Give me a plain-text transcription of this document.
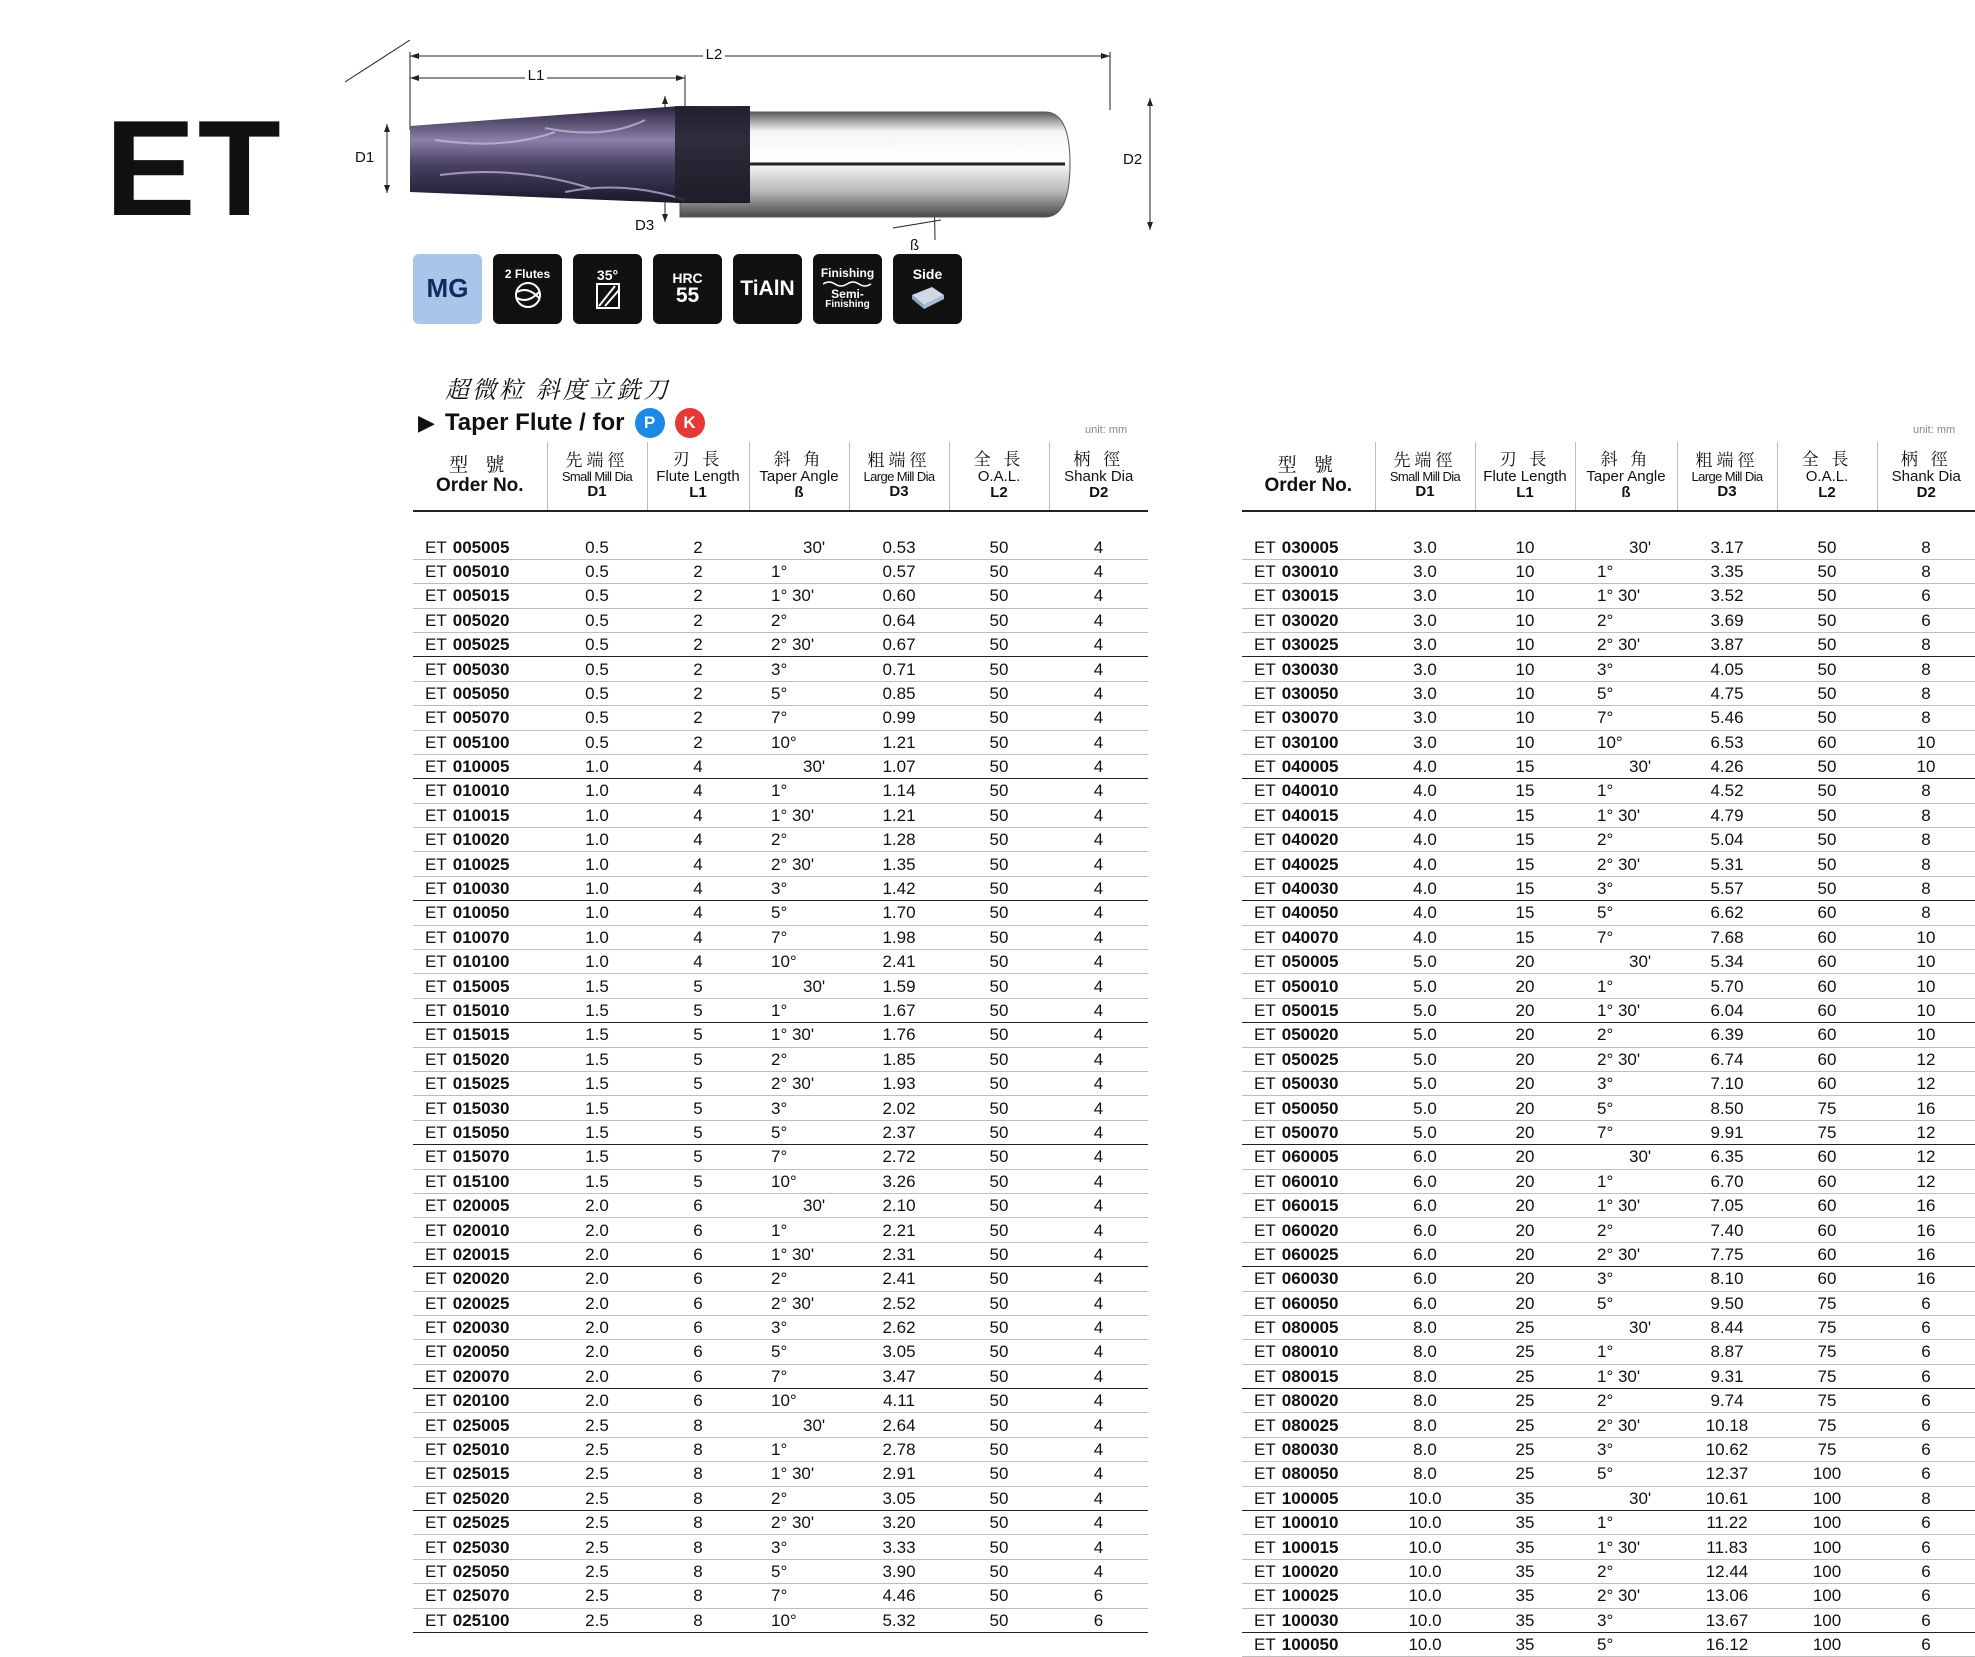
ET
L2
L1
D1	D2
D3
ß
MG	2 Flutes	35°	HRC
55 TiAlN
Finishing
Semi-
Finishing
Side
超微粒 斜度立銑刀
▶ Taper Flute / for	P	K	unit: mm	unit: mm
型 號
Order No.	先端徑
Small Mill Dia
D1	刃 長
Flute Length
L1	斜 角
Taper Angle
ß	粗端徑
Large Mill Dia
D3	全 長
O.A.L.
L2	柄 徑
Shank Dia
D2

ET 005005	0.5	2	30'	0.53	50	4
ET 005010	0.5	2	1°	0.57	50	4
ET 005015	0.5	2	1° 30'	0.60	50	4
ET 005020	0.5	2	2°	0.64	50	4
ET 005025	0.5	2	2° 30'	0.67	50	4
ET 005030	0.5	2	3°	0.71	50	4
ET 005050	0.5	2	5°	0.85	50	4
ET 005070	0.5	2	7°	0.99	50	4
ET 005100	0.5	2	10°	1.21	50	4
ET 010005	1.0	4	30'	1.07	50	4
ET 010010	1.0	4	1°	1.14	50	4
ET 010015	1.0	4	1° 30'	1.21	50	4
ET 010020	1.0	4	2°	1.28	50	4
ET 010025	1.0	4	2° 30'	1.35	50	4
ET 010030	1.0	4	3°	1.42	50	4
ET 010050	1.0	4	5°	1.70	50	4
ET 010070	1.0	4	7°	1.98	50	4
ET 010100	1.0	4	10°	2.41	50	4
ET 015005	1.5	5	30'	1.59	50	4
ET 015010	1.5	5	1°	1.67	50	4
ET 015015	1.5	5	1° 30'	1.76	50	4
ET 015020	1.5	5	2°	1.85	50	4
ET 015025	1.5	5	2° 30'	1.93	50	4
ET 015030	1.5	5	3°	2.02	50	4
ET 015050	1.5	5	5°	2.37	50	4
ET 015070	1.5	5	7°	2.72	50	4
ET 015100	1.5	5	10°	3.26	50	4
ET 020005	2.0	6	30'	2.10	50	4
ET 020010	2.0	6	1°	2.21	50	4
ET 020015	2.0	6	1° 30'	2.31	50	4
ET 020020	2.0	6	2°	2.41	50	4
ET 020025	2.0	6	2° 30'	2.52	50	4
ET 020030	2.0	6	3°	2.62	50	4
ET 020050	2.0	6	5°	3.05	50	4
ET 020070	2.0	6	7°	3.47	50	4
ET 020100	2.0	6	10°	4.11	50	4
ET 025005	2.5	8	30'	2.64	50	4
ET 025010	2.5	8	1°	2.78	50	4
ET 025015	2.5	8	1° 30'	2.91	50	4
ET 025020	2.5	8	2°	3.05	50	4
ET 025025	2.5	8	2° 30'	3.20	50	4
ET 025030	2.5	8	3°	3.33	50	4
ET 025050	2.5	8	5°	3.90	50	4
ET 025070	2.5	8	7°	4.46	50	6
ET 025100	2.5	8	10°	5.32	50	6
型 號
Order No.	先端徑
Small Mill Dia
D1	刃 長
Flute Length
L1	斜 角
Taper Angle
ß	粗端徑
Large Mill Dia
D3	全 長
O.A.L.
L2	柄 徑
Shank Dia
D2

ET 030005	3.0	10	30'	3.17	50	8
ET 030010	3.0	10	1°	3.35	50	8
ET 030015	3.0	10	1° 30'	3.52	50	6
ET 030020	3.0	10	2°	3.69	50	6
ET 030025	3.0	10	2° 30'	3.87	50	8
ET 030030	3.0	10	3°	4.05	50	8
ET 030050	3.0	10	5°	4.75	50	8
ET 030070	3.0	10	7°	5.46	50	8
ET 030100	3.0	10	10°	6.53	60	10
ET 040005	4.0	15	30'	4.26	50	10
ET 040010	4.0	15	1°	4.52	50	8
ET 040015	4.0	15	1° 30'	4.79	50	8
ET 040020	4.0	15	2°	5.04	50	8
ET 040025	4.0	15	2° 30'	5.31	50	8
ET 040030	4.0	15	3°	5.57	50	8
ET 040050	4.0	15	5°	6.62	60	8
ET 040070	4.0	15	7°	7.68	60	10
ET 050005	5.0	20	30'	5.34	60	10
ET 050010	5.0	20	1°	5.70	60	10
ET 050015	5.0	20	1° 30'	6.04	60	10
ET 050020	5.0	20	2°	6.39	60	10
ET 050025	5.0	20	2° 30'	6.74	60	12
ET 050030	5.0	20	3°	7.10	60	12
ET 050050	5.0	20	5°	8.50	75	16
ET 050070	5.0	20	7°	9.91	75	12
ET 060005	6.0	20	30'	6.35	60	12
ET 060010	6.0	20	1°	6.70	60	12
ET 060015	6.0	20	1° 30'	7.05	60	16
ET 060020	6.0	20	2°	7.40	60	16
ET 060025	6.0	20	2° 30'	7.75	60	16
ET 060030	6.0	20	3°	8.10	60	16
ET 060050	6.0	20	5°	9.50	75	6
ET 080005	8.0	25	30'	8.44	75	6
ET 080010	8.0	25	1°	8.87	75	6
ET 080015	8.0	25	1° 30'	9.31	75	6
ET 080020	8.0	25	2°	9.74	75	6
ET 080025	8.0	25	2° 30'	10.18	75	6
ET 080030	8.0	25	3°	10.62	75	6
ET 080050	8.0	25	5°	12.37	100	6
ET 100005	10.0	35	30'	10.61	100	8
ET 100010	10.0	35	1°	11.22	100	6
ET 100015	10.0	35	1° 30'	11.83	100	6
ET 100020	10.0	35	2°	12.44	100	6
ET 100025	10.0	35	2° 30'	13.06	100	6
ET 100030	10.0	35	3°	13.67	100	6
ET 100050	10.0	35	5°	16.12	100	6
